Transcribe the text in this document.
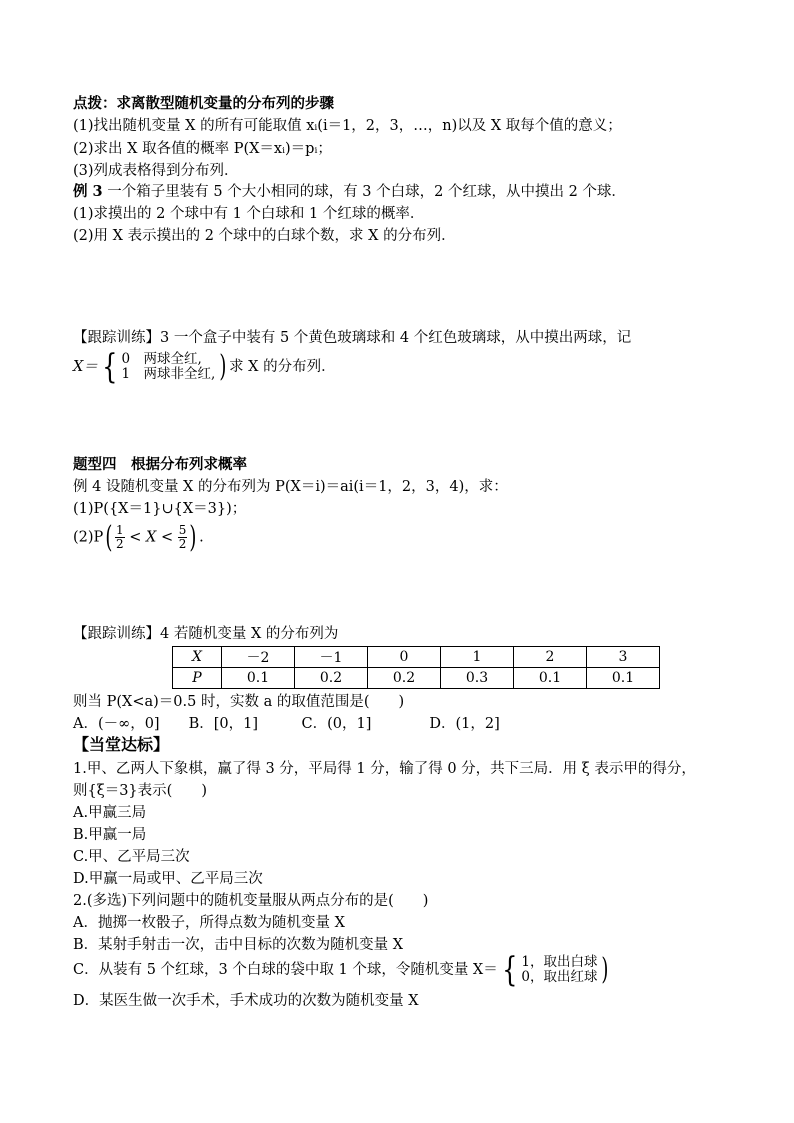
点拨：求离散型随机变量的分布列的步骤
(1)找出随机变量 X 的所有可能取值 xᵢ(i＝1，2，3，…，n)以及 X 取每个值的意义；
(2)求出 X 取各值的概率 P(X＝xᵢ)＝pᵢ；
(3)列成表格得到分布列．
例 3 一个箱子里装有 5 个大小相同的球，有 3 个白球，2 个红球，从中摸出 2 个球．
(1)求摸出的 2 个球中有 1 个白球和 1 个红球的概率．
(2)用 X 表示摸出的 2 个球中的白球个数，求 X 的分布列．
【跟踪训练】3 一个盒子中装有 5 个黄色玻璃球和 4 个红色玻璃球，从中摸出两球，记
X＝ { 0　两球全红,
1　两球非全红, ) 求 X 的分布列．
题型四　根据分布列求概率
例 4 设随机变量 X 的分布列为 P(X＝i)＝ai(i＝1，2，3，4)，求：
(1)P({X＝1}∪{X＝3})；
$(2)P( \frac{1}{2} < X < \frac{5}{2}$ ) .
【跟踪训练】4 若随机变量 X 的分布列为
X	－2	－1	0	1	2	3
P	0.1	0.2	0.2	0.3	0.1	0.1
则当 P(X<a)＝0.5 时，实数 a 的取值范围是(　　)
A．(－∞，0]　　B．[0，1]　　　C．(0，1]　　　　D．(1，2]
【当堂达标】
1.甲、乙两人下象棋，赢了得 3 分，平局得 1 分，输了得 0 分，共下三局．用 ξ 表示甲的得分，
则{ξ＝3}表示(　　)
A.甲赢三局
B.甲赢一局
C.甲、乙平局三次
D.甲赢一局或甲、乙平局三次
2.(多选)下列问题中的随机变量服从两点分布的是(　　)
A．抛掷一枚骰子，所得点数为随机变量 X
B．某射手射击一次，击中目标的次数为随机变量 X
C．从装有 5 个红球，3 个白球的袋中取 1 个球，令随机变量 X＝ { 1，取出白球
0，取出红球 )
D．某医生做一次手术，手术成功的次数为随机变量 X
